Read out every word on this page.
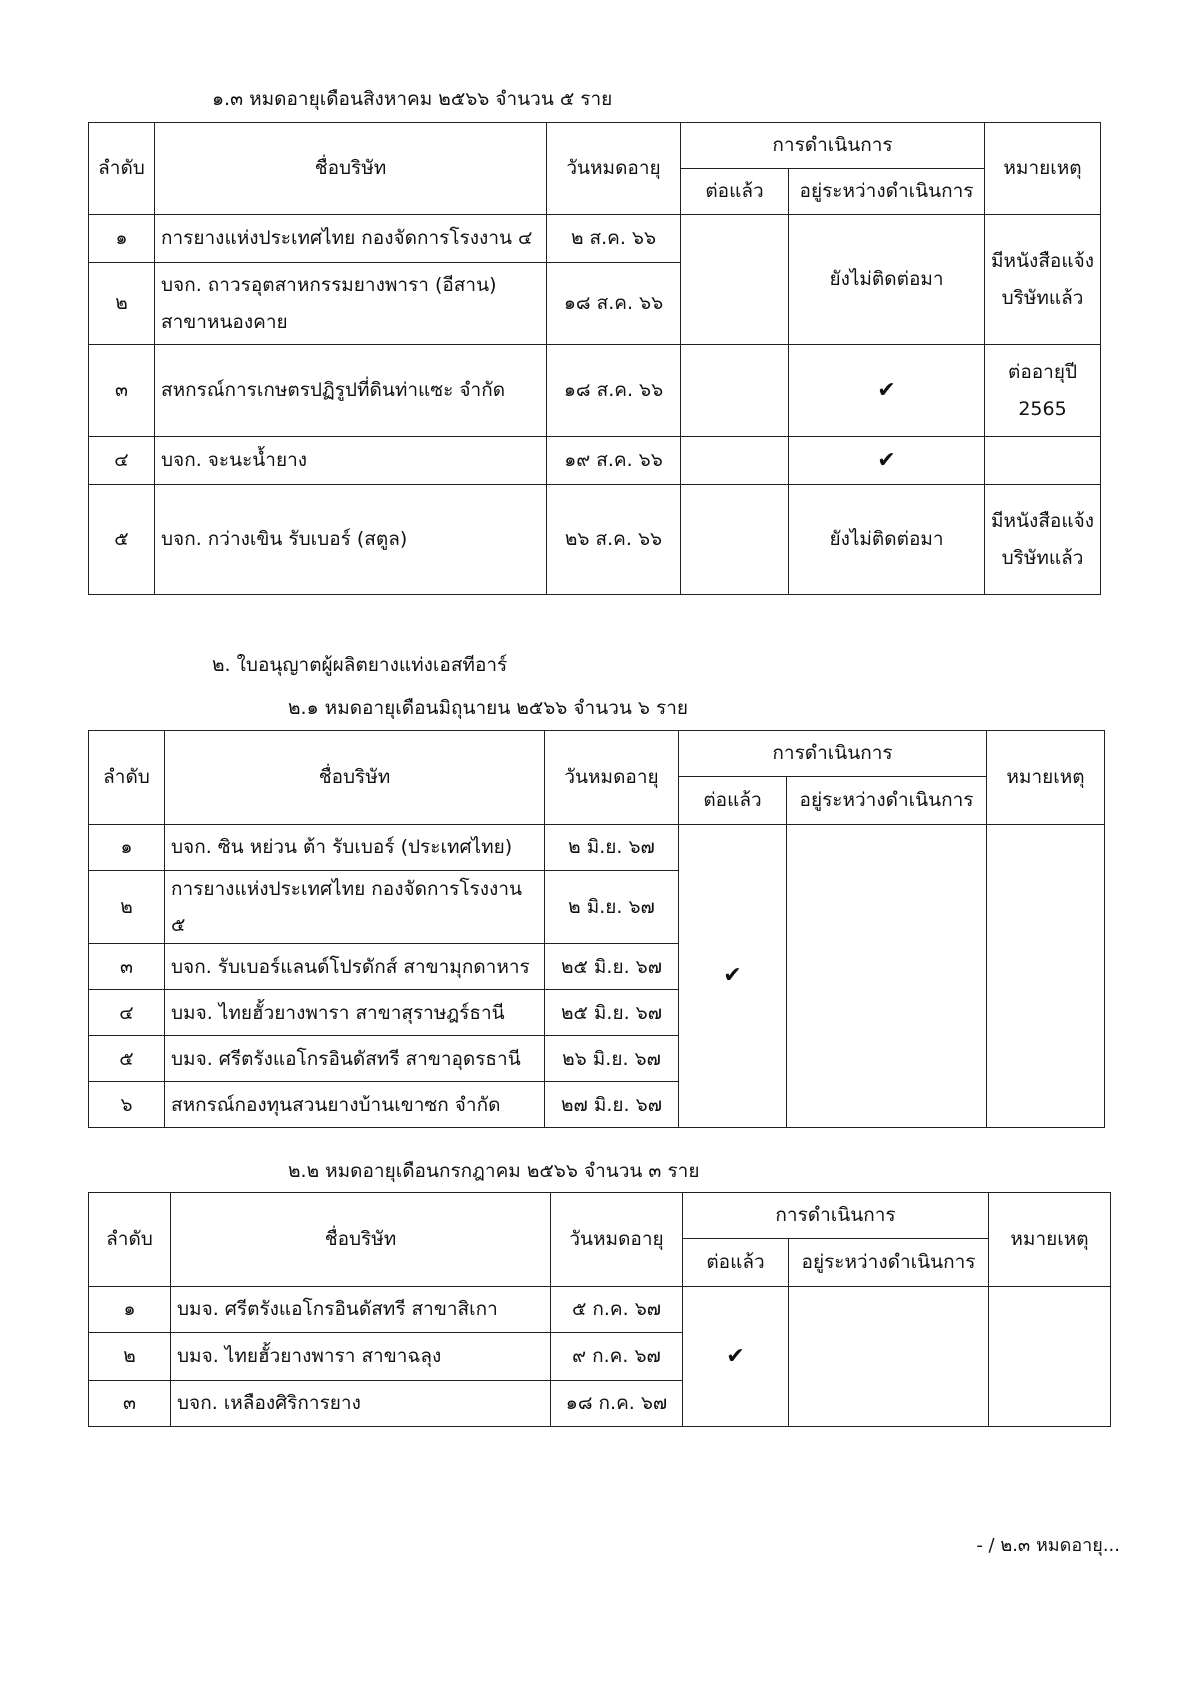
๑.๓ หมดอายุเดือนสิงหาคม ๒๕๖๖ จำนวน ๕ ราย
ลำดับ	ชื่อบริษัท	วันหมดอายุ	การดำเนินการ		หมายเหตุ
			ต่อแล้ว	อยู่ระหว่างดำเนินการ	
๑	การยางแห่งประเทศไทย กองจัดการโรงงาน ๔	๒ ส.ค. ๖๖		ยังไม่ติดต่อมา	มีหนังสือแจ้ง
บริษัทแล้ว

๒	บจก. ถาวรอุตสาหกรรมยางพารา (อีสาน)
สาขาหนองคาย	๑๘ ส.ค. ๖๖			
๓	สหกรณ์การเกษตรปฏิรูปที่ดินท่าแซะ จำกัด	๑๘ ส.ค. ๖๖		✔	ต่ออายุปี
2565

๔	บจก. จะนะน้ำยาง	๑๙ ส.ค. ๖๖		✔	
๕	บจก. กว่างเขิน รับเบอร์ (สตูล)	๒๖ ส.ค. ๖๖		ยังไม่ติดต่อมา	มีหนังสือแจ้ง
บริษัทแล้ว
๒. ใบอนุญาตผู้ผลิตยางแท่งเอสทีอาร์
๒.๑ หมดอายุเดือนมิถุนายน ๒๕๖๖ จำนวน ๖ ราย
ลำดับ	ชื่อบริษัท	วันหมดอายุ	การดำเนินการ		หมายเหตุ
			ต่อแล้ว	อยู่ระหว่างดำเนินการ	
๑	บจก. ซิน หย่วน ต้า รับเบอร์ (ประเทศไทย)	๒ มิ.ย. ๖๗	✔		
๒	การยางแห่งประเทศไทย กองจัดการโรงงาน ๕	๒ มิ.ย. ๖๗			
๓	บจก. รับเบอร์แลนด์โปรดักส์ สาขามุกดาหาร	๒๕ มิ.ย. ๖๗			
๔	บมจ. ไทยฮั้วยางพารา สาขาสุราษฎร์ธานี	๒๕ มิ.ย. ๖๗			
๕	บมจ. ศรีตรังแอโกรอินดัสทรี สาขาอุดรธานี	๒๖ มิ.ย. ๖๗			
๖	สหกรณ์กองทุนสวนยางบ้านเขาซก จำกัด	๒๗ มิ.ย. ๖๗			
๒.๒ หมดอายุเดือนกรกฎาคม ๒๕๖๖ จำนวน ๓ ราย
ลำดับ	ชื่อบริษัท	วันหมดอายุ	การดำเนินการ		หมายเหตุ
			ต่อแล้ว	อยู่ระหว่างดำเนินการ	
๑	บมจ. ศรีตรังแอโกรอินดัสทรี สาขาสิเกา	๕ ก.ค. ๖๗	✔		
๒	บมจ. ไทยฮั้วยางพารา สาขาฉลุง	๙ ก.ค. ๖๗			
๓	บจก. เหลืองศิริการยาง	๑๘ ก.ค. ๖๗			
- / ๒.๓ หมดอายุ...
